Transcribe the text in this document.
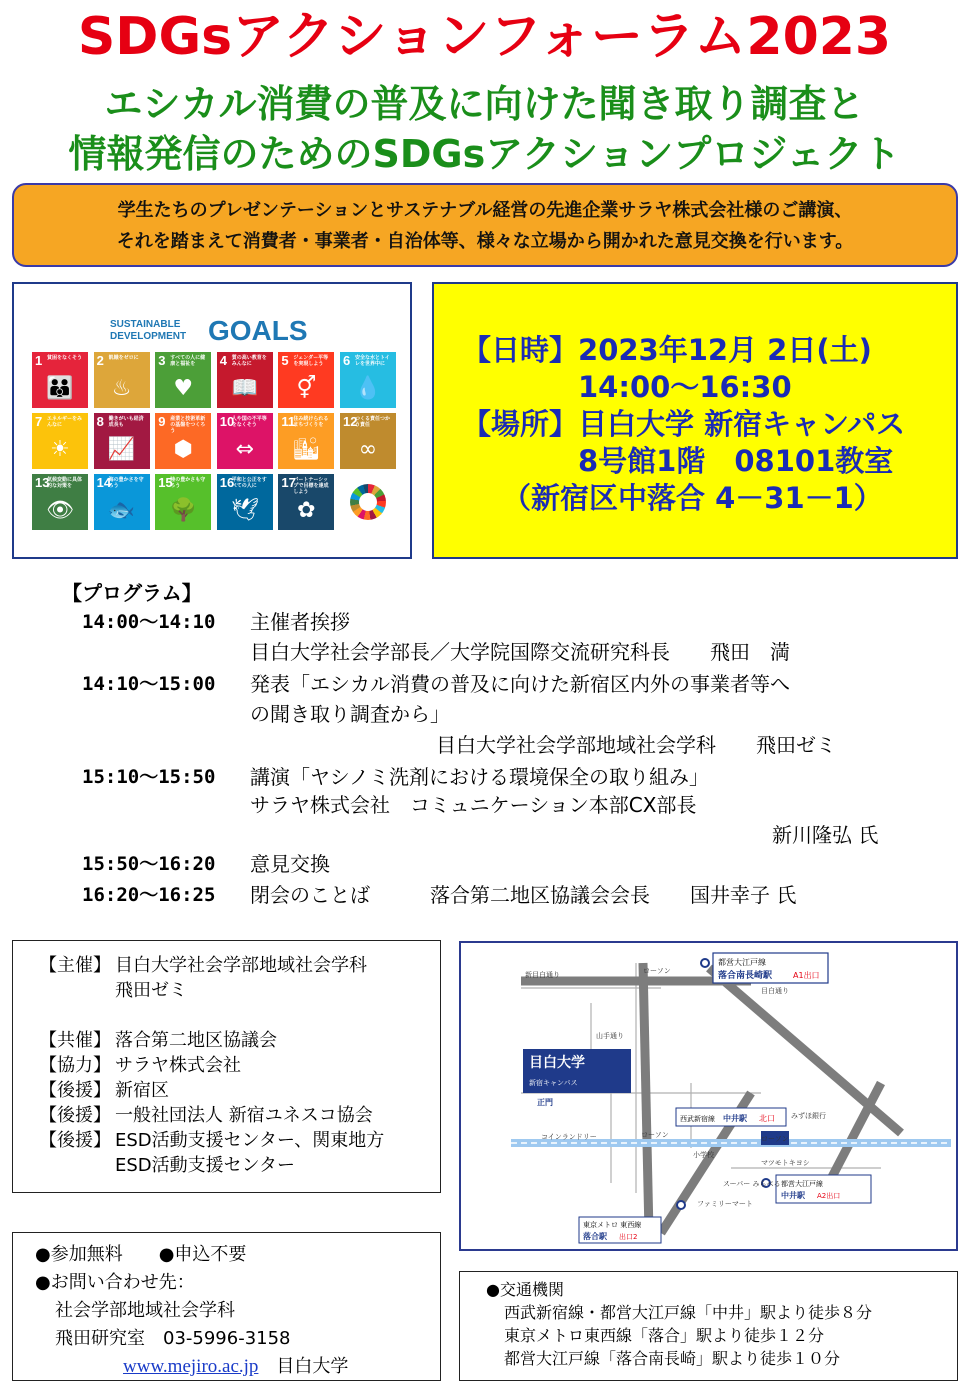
SDGsアクションフォーラム2023
エシカル消費の普及に向けた聞き取り調査と
情報発信のためのSDGsアクションプロジェクト
学生たちのプレゼンテーションとサステナブル経営の先進企業サラヤ株式会社様のご講演、
それを踏まえて消費者・事業者・自治体等、様々な立場から開かれた意見交換を行います。
SUSTAINABLE
DEVELOPMENT GOALS
1 貧困をなくそう
👪
2 飢餓をゼロに
♨
3 すべての人に健康と福祉を
♥
4 質の高い教育をみんなに
📖
5 ジェンダー平等を実現しよう
⚥
6 安全な水とトイレを世界中に
💧
7 エネルギーをみんなに
☀
8 働きがいも経済成長も
📈
9 産業と技術革新の基盤をつくろう
⬢
10
人や国の不平等をなくそう
⇔
11
住み続けられるまちづくりを
🏙
12
つくる責任つかう責任
∞
13
気候変動に具体的な対策を
👁
14
海の豊かさを守ろう
🐟
15
陸の豊かさも守ろう
🌳
16
平和と公正をすべての人に
🕊
17
パートナーシップで目標を達成しよう
✿
【日時】2023年12月 2日(土)
14:00～16:30
【場所】目白大学 新宿キャンパス
8号館1階　08101教室
（新宿区中落合 4－31－1）
【プログラム】
14:00～14:10 主催者挨拶
目白大学社会学部長／大学院国際交流研究科長　　飛田　満
14:10～15:00 発表「エシカル消費の普及に向けた新宿区内外の事業者等へ
の聞き取り調査から」
目白大学社会学部地域社会学科　　飛田ゼミ
15:10～15:50 講演「ヤシノミ洗剤における環境保全の取り組み」
サラヤ株式会社　コミュニケーション本部CX部長
新川隆弘 氏
15:50～16:20 意見交換
16:20～16:25 閉会のことば　　　落合第二地区協議会会長　　国井幸子 氏
【主催】 目白大学社会学部地域社会学科
飛田ゼミ
【共催】 落合第二地区協議会
【協力】 サラヤ株式会社
【後援】 新宿区
【後援】 一般社団法人 新宿ユネスコ協会
【後援】 ESD活動支援センター、関東地方
ESD活動支援センター
目白大学
新宿キャンパス
正門
都営大江戸線
落合南長崎駅	A1出口
西武新宿線 中井駅 北口
都営大江戸線
中井駅 A2出口
東京メトロ 東西線
落合駅 出口2
ローソン
ローソン
ローソン
目白通り
新目白通り
山手通り
みずほ銀行
マツモトキヨシ
スーパー みらべる
ファミリーマート
小学校
コインランドリー
●参加無料　　 ●申込不要
●お問い合わせ先：
社会学部地域社会学科
飛田研究室　 03-5996-3158
www.mejiro.ac.jp　 目白大学
●交通機関
西武新宿線・都営大江戸線「中井」駅より徒歩８分
東京メトロ東西線「落合」駅より徒歩１２分
都営大江戸線「落合南長崎」駅より徒歩１０分
